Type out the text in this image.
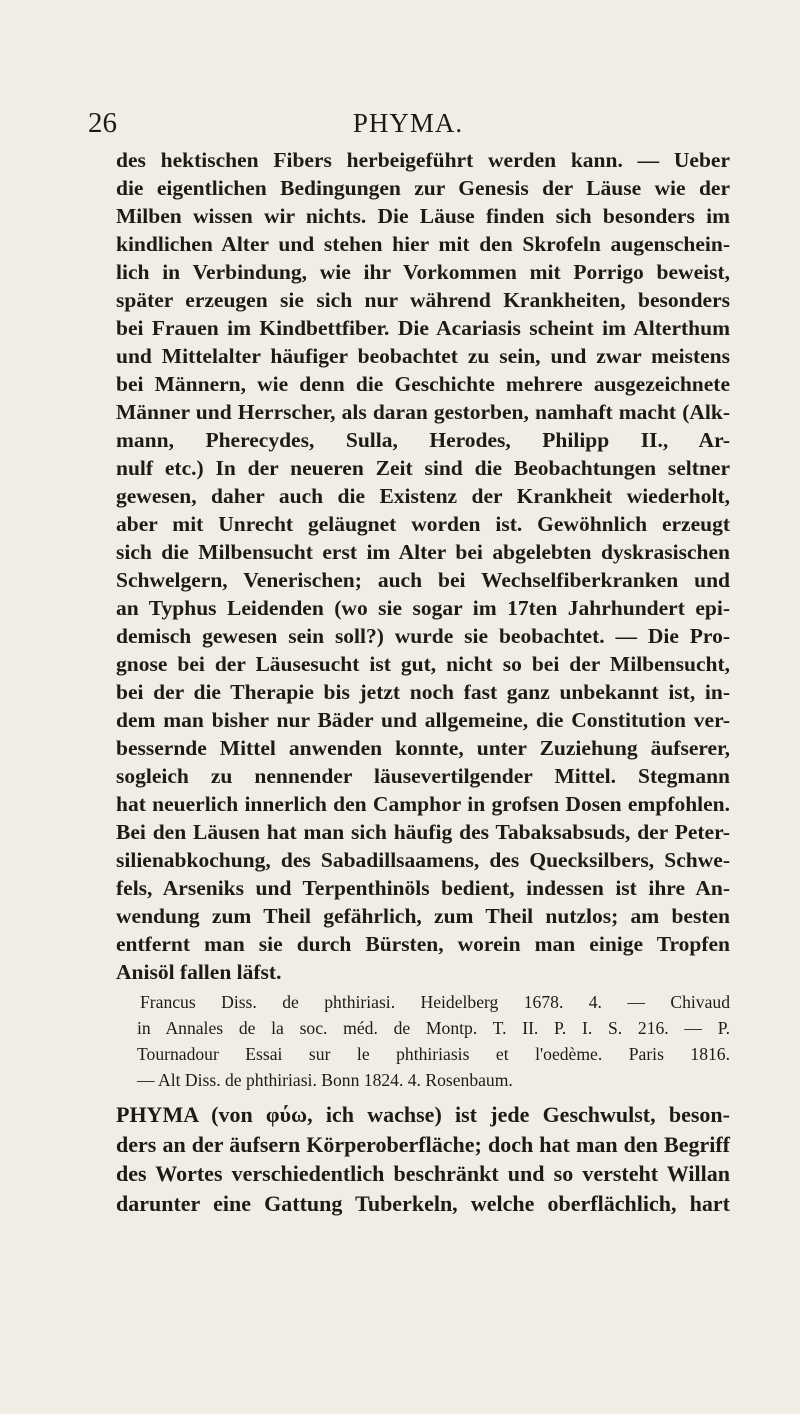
26	PHYMA.
des hektischen Fibers herbeigeführt werden kann. — Ueber
die eigentlichen Bedingungen zur Genesis der Läuse wie der
Milben wissen wir nichts. Die Läuse finden sich besonders im
kindlichen Alter und stehen hier mit den Skrofeln augenschein-
lich in Verbindung, wie ihr Vorkommen mit Porrigo beweist,
später erzeugen sie sich nur während Krankheiten, besonders
bei Frauen im Kindbettfiber. Die Acariasis scheint im Alterthum
und Mittelalter häufiger beobachtet zu sein, und zwar meistens
bei Männern, wie denn die Geschichte mehrere ausgezeichnete
Männer und Herrscher, als daran gestorben, namhaft macht (Alk-
mann, Pherecydes, Sulla, Herodes, Philipp II., Ar-
nulf etc.) In der neueren Zeit sind die Beobachtungen seltner
gewesen, daher auch die Existenz der Krankheit wiederholt,
aber mit Unrecht geläugnet worden ist. Gewöhnlich erzeugt
sich die Milbensucht erst im Alter bei abgelebten dyskrasischen
Schwelgern, Venerischen; auch bei Wechselfiberkranken und
an Typhus Leidenden (wo sie sogar im 17ten Jahrhundert epi-
demisch gewesen sein soll?) wurde sie beobachtet. — Die Pro-
gnose bei der Läusesucht ist gut, nicht so bei der Milbensucht,
bei der die Therapie bis jetzt noch fast ganz unbekannt ist, in-
dem man bisher nur Bäder und allgemeine, die Constitution ver-
bessernde Mittel anwenden konnte, unter Zuziehung äufserer,
sogleich zu nennender läusevertilgender Mittel. Stegmann
hat neuerlich innerlich den Camphor in grofsen Dosen empfohlen.
Bei den Läusen hat man sich häufig des Tabaksabsuds, der Peter-
silienabkochung, des Sabadillsaamens, des Quecksilbers, Schwe-
fels, Arseniks und Terpenthinöls bedient, indessen ist ihre An-
wendung zum Theil gefährlich, zum Theil nutzlos; am besten
entfernt man sie durch Bürsten, worein man einige Tropfen
Anisöl fallen läfst.
Francus Diss. de phthiriasi. Heidelberg 1678. 4. — Chivaud
in Annales de la soc. méd. de Montp. T. II. P. I. S. 216. — P.
Tournadour Essai sur le phthiriasis et l'oedème. Paris 1816.
— Alt Diss. de phthiriasi. Bonn 1824. 4. Rosenbaum.
PHYMA (von φύω, ich wachse) ist jede Geschwulst, beson-
ders an der äufsern Körperoberfläche; doch hat man den Begriff
des Wortes verschiedentlich beschränkt und so versteht Willan
darunter eine Gattung Tuberkeln, welche oberflächlich, hart
